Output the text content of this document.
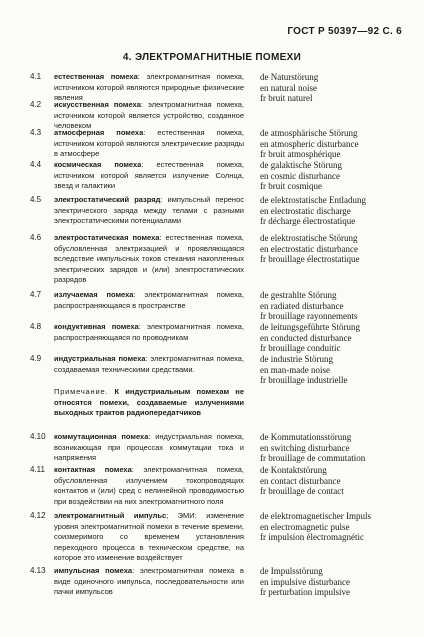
ГОСТ Р 50397—92 С. 6
4. ЭЛЕКТРОМАГНИТНЫЕ ПОМЕХИ
4.1 естественная помеха: электромагнитная помеха, источником которой являются природные физические явления

de Naturstörung
en natural noise
fr bruit naturel
4.2 искусственная помеха: электромагнитная помеха, источником которой является устройство, созданное человеком

4.3 атмосферная помеха: естественная помеха, источником которой являются электрические разряды в атмосфере

de atmosphärische Störung
en atmospheric disturbance
fr bruit atmosphérique
4.4 космическая помеха: естественная помеха, источником которой является излучение Солнца, звезд и галактики

de galaktische Störung
en cosmic disturbance
fr bruit cosmique
4.5 электростатический разряд: импульсный перенос электрического заряда между телами с разными электростатическими потенциалами

de elektrostatische Entladung
en electrostatic discharge
fr décharge électrostatique
4.6 электростатическая помеха: естественная помеха, обусловленная электризацией и проявляющаяся вследствие импульсных токов стекания накопленных электрических зарядов и (или) электростатических разрядов

de elektrostatische Störung
en electrostatic disturbance
fr brouillage électrostatique
4.7 излучаемая помеха: электромагнитная помеха, распространяющаяся в пространстве

de gestrahlte Störung
en radiated disturbance
fr brouillage rayonnements
4.8 кондуктивная помеха: электромагнитная помеха, распространяющаяся по проводникам

de leitungsgeführte Störung
en conducted disturbance
fr brouillage conduitic
4.9 индустриальная помеха: электромагнитная помеха, создаваемая техническими средствами.

de industrie Störung
en man-made noise
fr brouillage industrielle
4.10 коммутационная помеха: индустриальная помеха, возникающая при процессах коммутации тока и напряжения

de Kommutationsstörung
en switching disturbance
fr brouillage de commutation
4.11 контактная помеха: электромагнитная помеха, обусловленная излучением токопроводящих контактов и (или) сред с нелинейной проводимостью при воздействии на них электромагнитного поля

de Kontaktstörung
en contact disturbance
fr brouillage de contact
4.12 электромагнитный импульс; ЭМИ: изменение уровня электромагнитной помехи в течение времени, соизмеримого со временем установления переходного процесса в техническом средстве, на которое это изменение воздействует

de elektromagnetischer Impuls
en electromagnetic pulse
fr impulsion électromagnétic
4.13 импульсная помеха: электромагнитная помеха в виде одиночного импульса, последовательности или пачки импульсов

de Impulsstörung
en impulsive disturbance
fr perturbation impulsive

Примечание. К индустриальным помехам не относятся помехи, создаваемые излучениями выходных трактов радиопередатчиков
